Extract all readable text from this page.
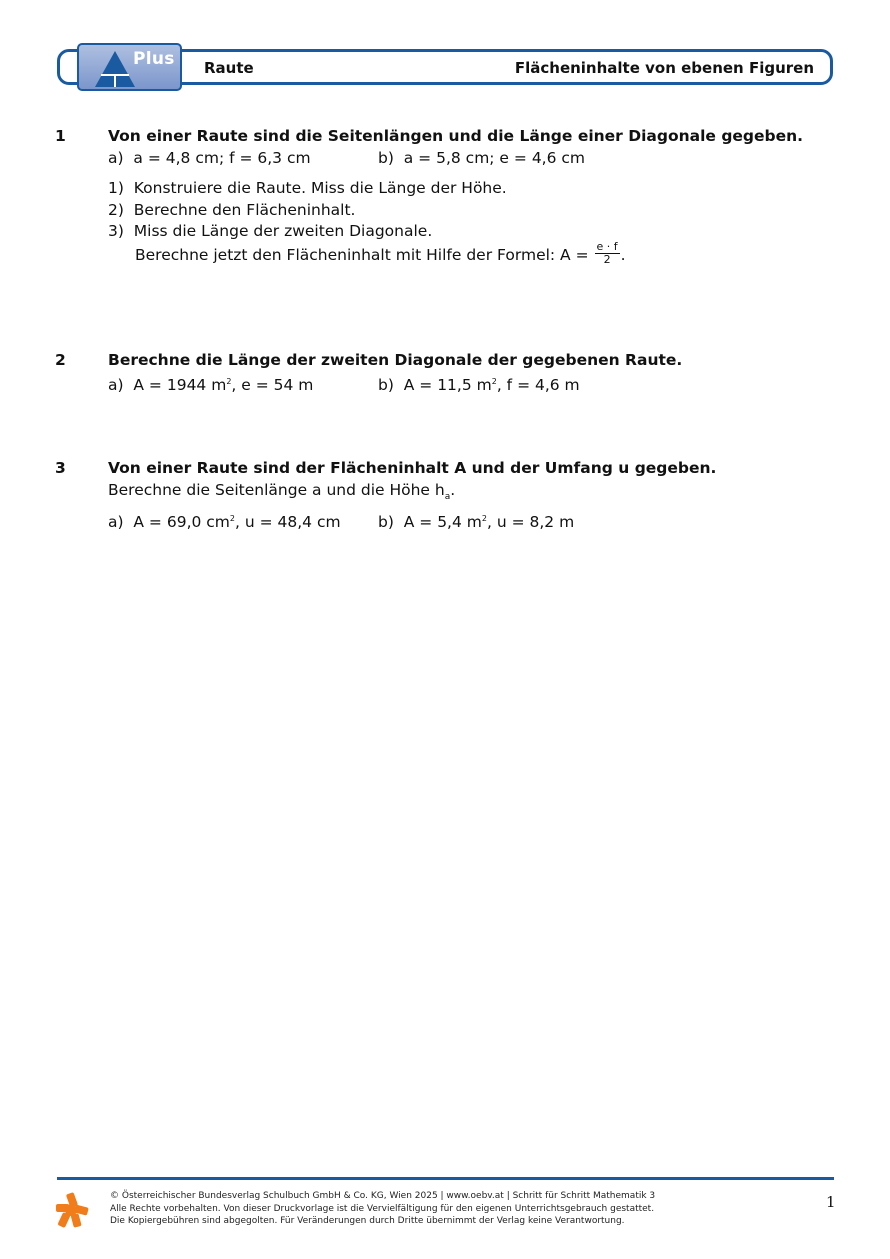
Plus Raute	Flächeninhalte von ebenen Figuren
1	Von einer Raute sind die Seitenlängen und die Länge einer Diagonale gegeben.
a) a = 4,8 cm; f = 6,3 cm	b) a = 5,8 cm; e = 4,6 cm
1) Konstruiere die Raute. Miss die Länge der Höhe.
2) Berechne den Flächeninhalt.
3) Miss die Länge der zweiten Diagonale.
Berechne jetzt den Flächeninhalt mit Hilfe der Formel: $A = \frac{e \cdot f}{2}$ .
2	Berechne die Länge der zweiten Diagonale der gegebenen Raute.
a) A = 1944 $m^2$, e = 54 m	b) A = 11,5 $m^2$, f = 4,6 m
3	Von einer Raute sind der Flächeninhalt A und der Umfang u gegeben.
Berechne die Seitenlänge a und die Höhe $h_a$.
a) A = 69,0 $cm^2$, u = 48,4 cm b) A = 5,4 $m^2$, u = 8,2 m
© Österreichischer Bundesverlag Schulbuch GmbH & Co. KG, Wien 2025 | www.oebv.at | Schritt für Schritt Mathematik 3
Alle Rechte vorbehalten. Von dieser Druckvorlage ist die Vervielfältigung für den eigenen Unterrichtsgebrauch gestattet.
Die Kopiergebühren sind abgegolten. Für Veränderungen durch Dritte übernimmt der Verlag keine Verantwortung.
1
